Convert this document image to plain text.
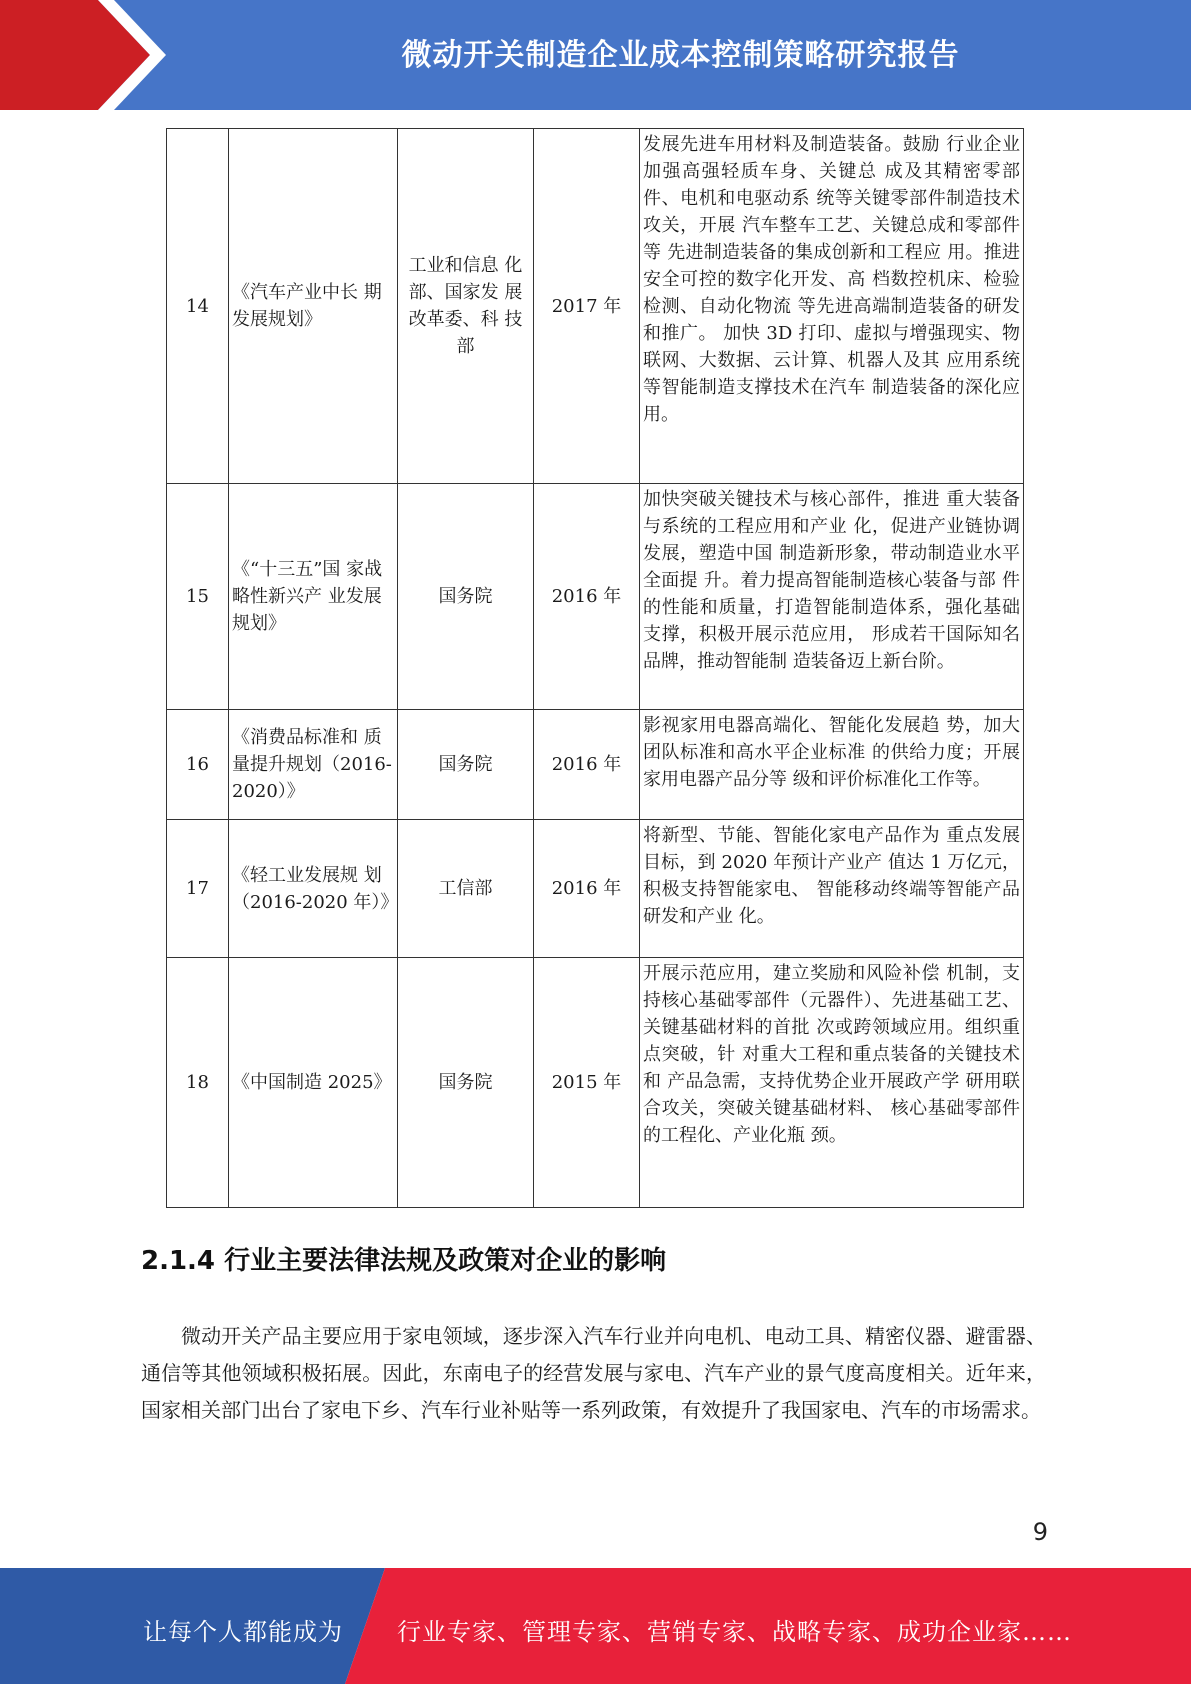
微动开关制造企业成本控制策略研究报告
14	《汽车产业中长 期发展规划》	工业和信息 化部、国家发 展改革委、科 技部	2017 年	发展先进车用材料及制造装备。鼓励 行业企业加强高强轻质车身、关键总 成及其精密零部件、电机和电驱动系 统等关键零部件制造技术攻关，开展 汽车整车工艺、关键总成和零部件等 先进制造装备的集成创新和工程应 用。推进安全可控的数字化开发、高 档数控机床、检验检测、自动化物流 等先进高端制造装备的研发和推广。 加快 3D 打印、虚拟与增强现实、物 联网、大数据、云计算、机器人及其 应用系统等智能制造支撑技术在汽车 制造装备的深化应用。
15	《“十三五”国 家战略性新兴产 业发展规划》	国务院	2016 年	加快突破关键技术与核心部件，推进 重大装备与系统的工程应用和产业 化，促进产业链协调发展，塑造中国 制造新形象，带动制造业水平全面提 升。着力提高智能制造核心装备与部 件的性能和质量，打造智能制造体系，强化基础支撑，积极开展示范应用， 形成若干国际知名品牌，推动智能制 造装备迈上新台阶。
16	《消费品标准和 质量提升规划（2016-2020）》	国务院	2016 年	影视家用电器高端化、智能化发展趋 势，加大团队标准和高水平企业标准 的供给力度；开展家用电器产品分等 级和评价标准化工作等。
17	《轻工业发展规 划（2016-2020 年）》	工信部	2016 年	将新型、节能、智能化家电产品作为 重点发展目标，到 2020 年预计产业产 值达 1 万亿元，积极支持智能家电、 智能移动终端等智能产品研发和产业 化。
18	《中国制造 2025》	国务院	2015 年	开展示范应用，建立奖励和风险补偿 机制，支持核心基础零部件（元器件）、先进基础工艺、关键基础材料的首批 次或跨领域应用。组织重点突破，针 对重大工程和重点装备的关键技术和 产品急需，支持优势企业开展政产学 研用联合攻关，突破关键基础材料、 核心基础零部件的工程化、产业化瓶 颈。
2.1.4 行业主要法律法规及政策对企业的影响

微动开关产品主要应用于家电领域，逐步深入汽车行业并向电机、电动工具、精密仪器、避雷器、通信等其他领域积极拓展。因此，东南电子的经营发展与家电、汽车产业的景气度高度相关。近年来，国家相关部门出台了家电下乡、汽车行业补贴等一系列政策，有效提升了我国家电、汽车的市场需求。

9
让每个人都能成为 行业专家、管理专家、营销专家、战略专家、成功企业家……
